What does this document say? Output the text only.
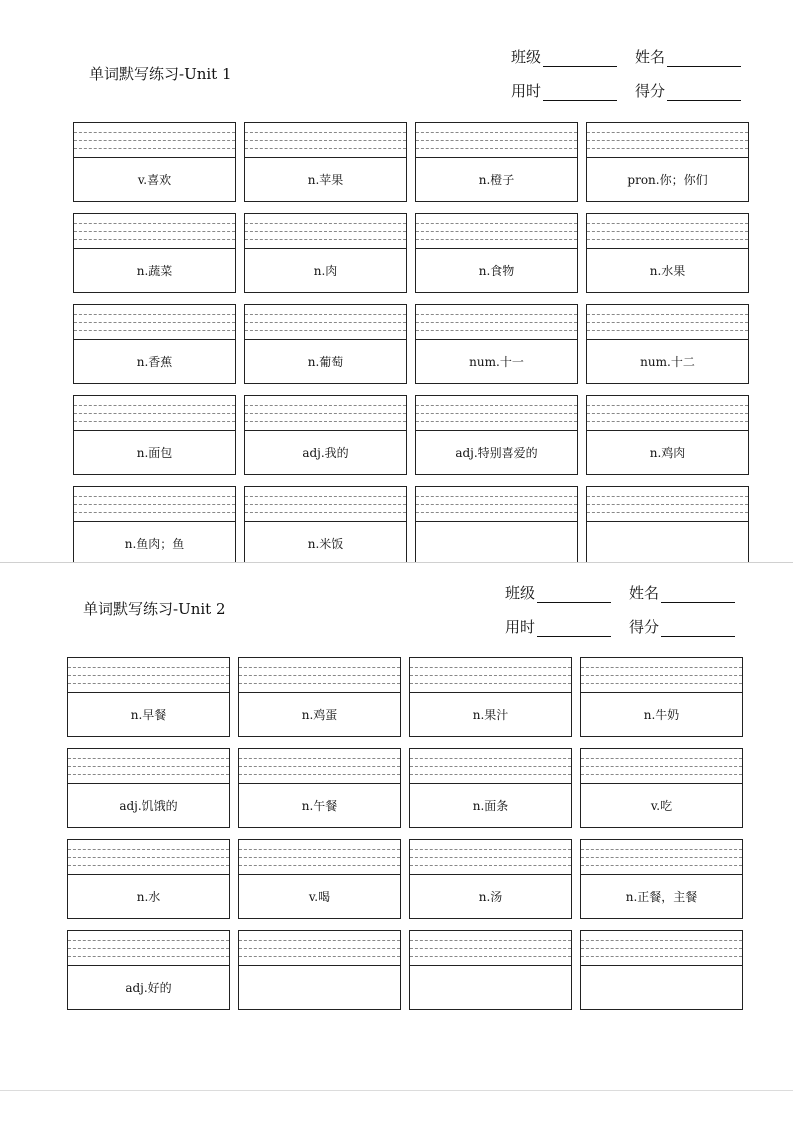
单词默写练习-Unit 1
班级	姓名
用时	得分
v.喜欢	n.苹果	n.橙子	pron.你；你们
n.蔬菜	n.肉	n.食物	n.水果
n.香蕉	n.葡萄	num.十一	num.十二
n.面包	adj.我的	adj.特别喜爱的	n.鸡肉
n.鱼肉；鱼	n.米饭
单词默写练习-Unit 2
班级	姓名
用时	得分
n.早餐	n.鸡蛋	n.果汁	n.牛奶
adj.饥饿的	n.午餐	n.面条	v.吃
n.水	v.喝	n.汤	n.正餐，主餐
adj.好的
